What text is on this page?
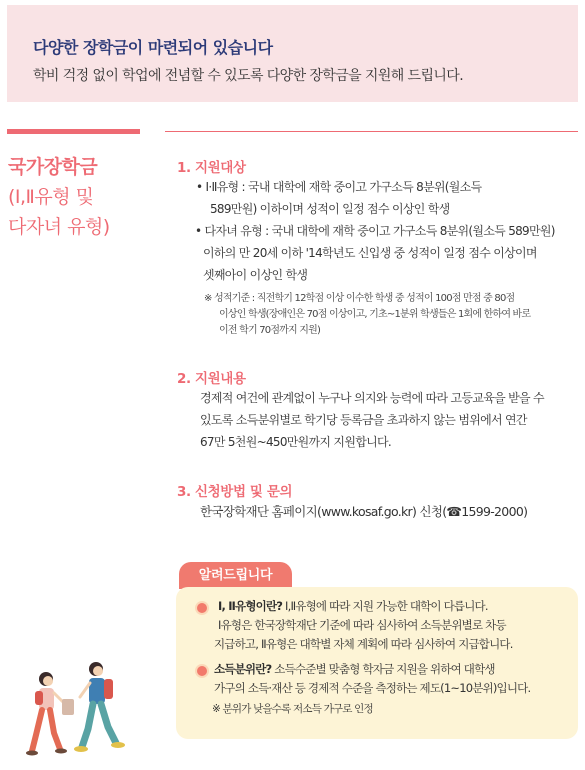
다양한 장학금이 마련되어 있습니다
학비 걱정 없이 학업에 전념할 수 있도록 다양한 장학금을 지원해 드립니다.
국가장학금
(Ⅰ,Ⅱ유형 및
다자녀 유형)
1. 지원대상
• Ⅰ·Ⅱ유형 : 국내 대학에 재학 중이고 가구소득 8분위(월소득
589만원) 이하이며 성적이 일정 점수 이상인 학생
• 다자녀 유형 : 국내 대학에 재학 중이고 가구소득 8분위(월소득 589만원)
이하의 만 20세 이하 '14학년도 신입생 중 성적이 일정 점수 이상이며
셋째아이 이상인 학생
※ 성적기준 : 직전학기 12학점 이상 이수한 학생 중 성적이 100점 만점 중 80점
이상인 학생(장애인은 70점 이상이고, 기초~1분위 학생들은 1회에 한하여 바로
이전 학기 70점까지 지원)
2. 지원내용
경제적 여건에 관계없이 누구나 의지와 능력에 따라 고등교육을 받을 수
있도록 소득분위별로 학기당 등록금을 초과하지 않는 범위에서 연간
67만 5천원~450만원까지 지원합니다.
3. 신청방법 및 문의
한국장학재단 홈페이지(www.kosaf.go.kr) 신청(☎1599-2000)
알려드립니다
Ⅰ, Ⅱ유형이란? Ⅰ,Ⅱ유형에 따라 지원 가능한 대학이 다릅니다.
Ⅰ유형은 한국장학재단 기준에 따라 심사하여 소득분위별로 차등
지급하고, Ⅱ유형은 대학별 자체 계획에 따라 심사하여 지급합니다.
소득분위란? 소득수준별 맞춤형 학자금 지원을 위하여 대학생
가구의 소득·재산 등 경제적 수준을 측정하는 제도(1~10분위)입니다.
※ 분위가 낮을수록 저소득 가구로 인정
